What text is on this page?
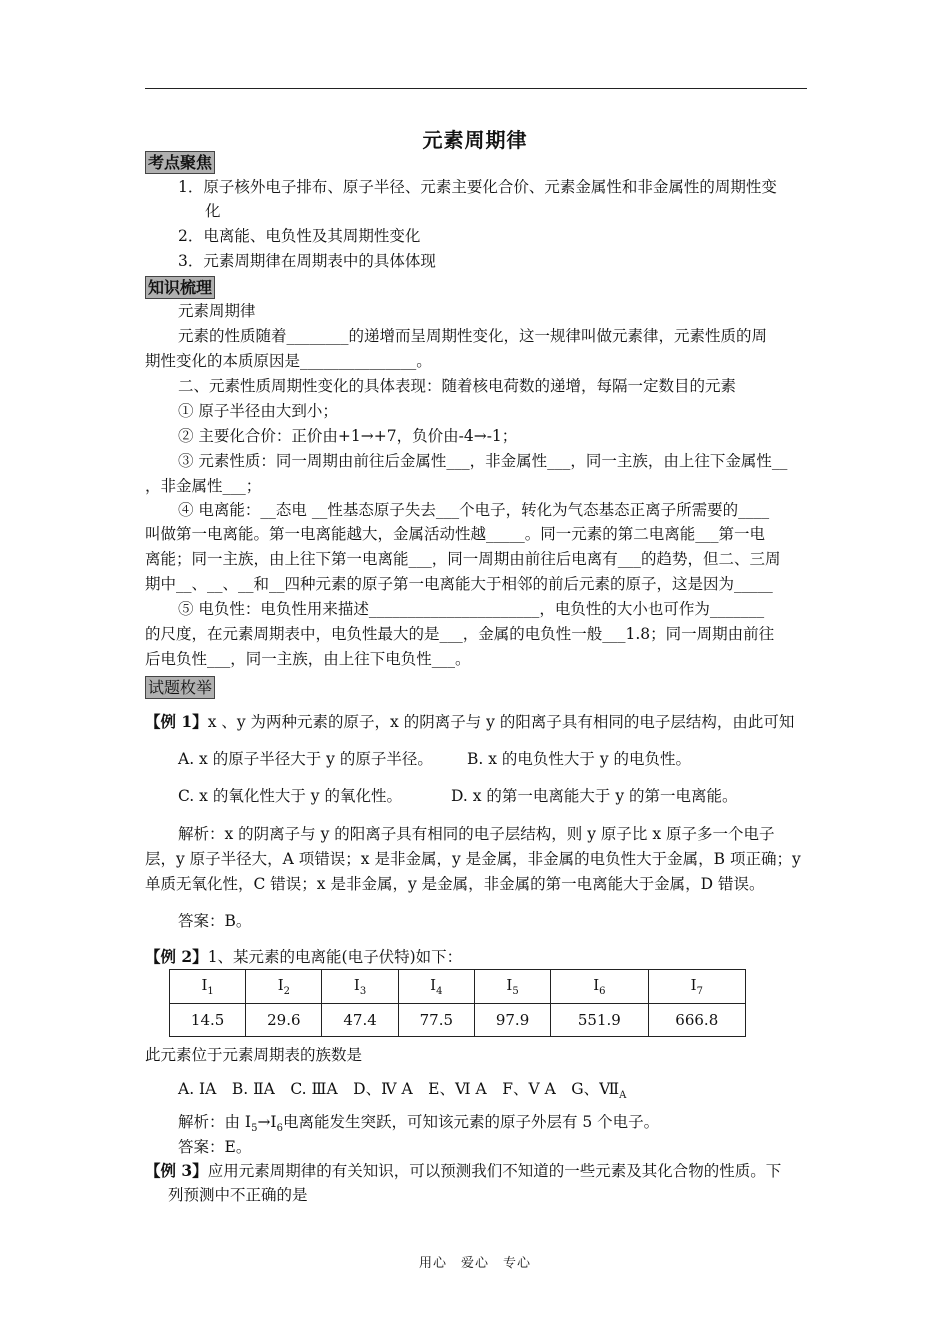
元素周期律
考点聚焦
1．原子核外电子排布、原子半径、元素主要化合价、元素金属性和非金属性的周期性变
化
2．电离能、电负性及其周期性变化
3．元素周期律在周期表中的具体体现
知识梳理
元素周期律
元素的性质随着________的递增而呈周期性变化，这一规律叫做元素律，元素性质的周
期性变化的本质原因是_______________。
二、元素性质周期性变化的具体表现：随着核电荷数的递增，每隔一定数目的元素
① 原子半径由大到小；
② 主要化合价：正价由+1→+7，负价由-4→-1；
③ 元素性质：同一周期由前往后金属性___，非金属性___，同一主族，由上往下金属性__
，非金属性___；
④ 电离能：__态电 __性基态原子失去___个电子，转化为气态基态正离子所需要的____
叫做第一电离能。第一电离能越大，金属活动性越_____。同一元素的第二电离能___第一电
离能；同一主族，由上往下第一电离能___，同一周期由前往后电离有___的趋势，但二、三周
期中__、__、__和__四种元素的原子第一电离能大于相邻的前后元素的原子，这是因为_____
⑤ 电负性：电负性用来描述______________________，电负性的大小也可作为_______
的尺度，在元素周期表中，电负性最大的是___，金属的电负性一般___1.8；同一周期由前往
后电负性___，同一主族，由上往下电负性___。
试题枚举
【例 1】x 、y 为两种元素的原子，x 的阴离子与 y 的阳离子具有相同的电子层结构，由此可知
A. x 的原子半径大于 y 的原子半径。 B. x 的电负性大于 y 的电负性。
C. x 的氧化性大于 y 的氧化性。	D. x 的第一电离能大于 y 的第一电离能。
解析：x 的阴离子与 y 的阳离子具有相同的电子层结构，则 y 原子比 x 原子多一个电子
层，y 原子半径大，A 项错误；x 是非金属，y 是金属，非金属的电负性大于金属，B 项正确；y
单质无氧化性，C 错误；x 是非金属，y 是金属，非金属的第一电离能大于金属，D 错误。
答案：B。
【例 2】1、某元素的电离能(电子伏特)如下：
$I_1$	$I_2$	$I_3$	$I_4$	$I_5$	$I_6$	$I_7$
14.5	29.6	47.4	77.5	97.9	551.9	666.8
此元素位于元素周期表的族数是
A. IA　B. ⅡA　C. ⅢA　D、Ⅳ A　E、Ⅵ A　F、Ⅴ A　G、$Ⅶ_A$
解析：由 $I_5\to I_6$电离能发生突跃，可知该元素的原子外层有 5 个电子。
答案：E。
【例 3】应用元素周期律的有关知识，可以预测我们不知道的一些元素及其化合物的性质。下
列预测中不正确的是
用心　爱心　专心
